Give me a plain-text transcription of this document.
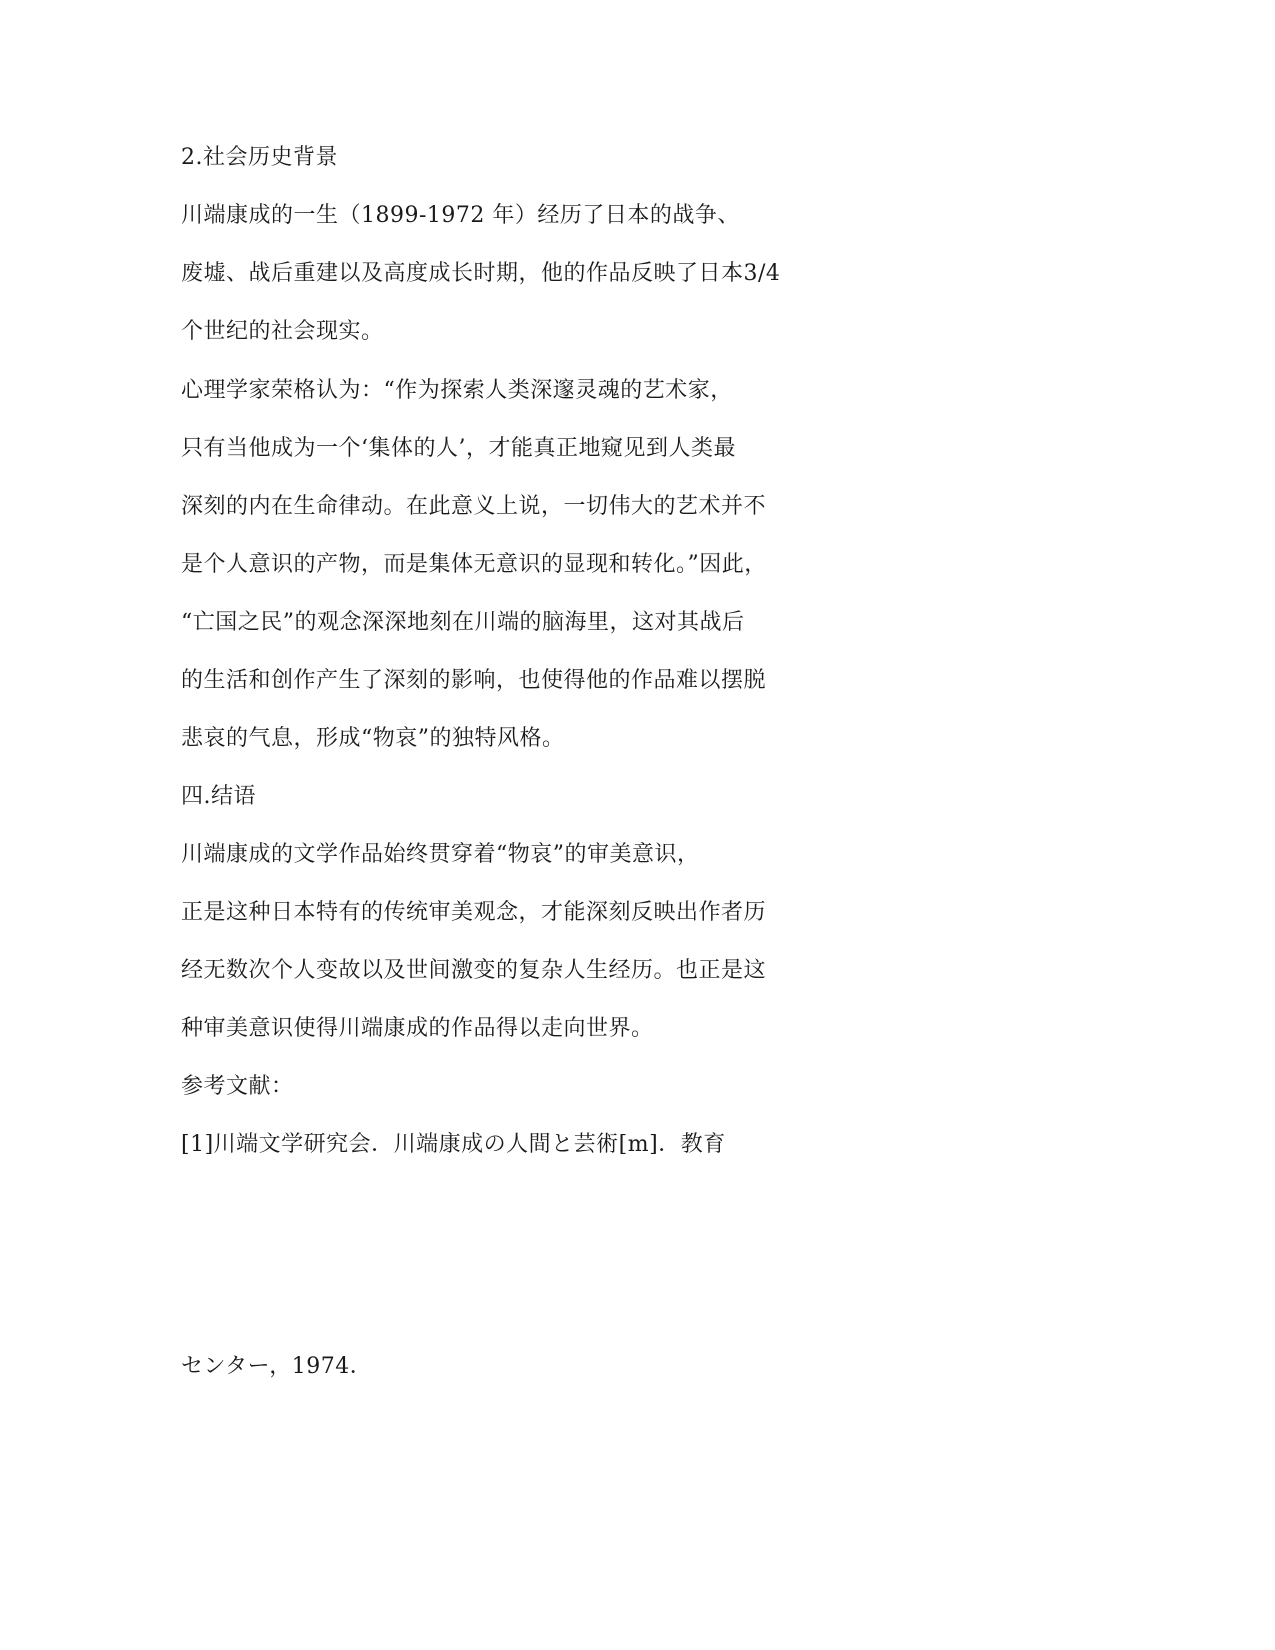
2.社会历史背景

川端康成的一生（1899-1972 年）经历了日本的战争、

废墟、战后重建以及高度成长时期，他的作品反映了日本3/4

个世纪的社会现实。

心理学家荣格认为：“作为探索人类深邃灵魂的艺术家，

只有当他成为一个‘集体的人’，才能真正地窥见到人类最

深刻的内在生命律动。在此意义上说，一切伟大的艺术并不

是个人意识的产物，而是集体无意识的显现和转化。”因此，

“亡国之民”的观念深深地刻在川端的脑海里，这对其战后

的生活和创作产生了深刻的影响，也使得他的作品难以摆脱

悲哀的气息，形成“物哀”的独特风格。

四.结语

川端康成的文学作品始终贯穿着“物哀”的审美意识，

正是这种日本特有的传统审美观念，才能深刻反映出作者历

经无数次个人变故以及世间激变的复杂人生经历。也正是这

种审美意识使得川端康成的作品得以走向世界。

参考文献：

[1]川端文学研究会．川端康成の人間と芸術[m]．教育

センター，1974．
